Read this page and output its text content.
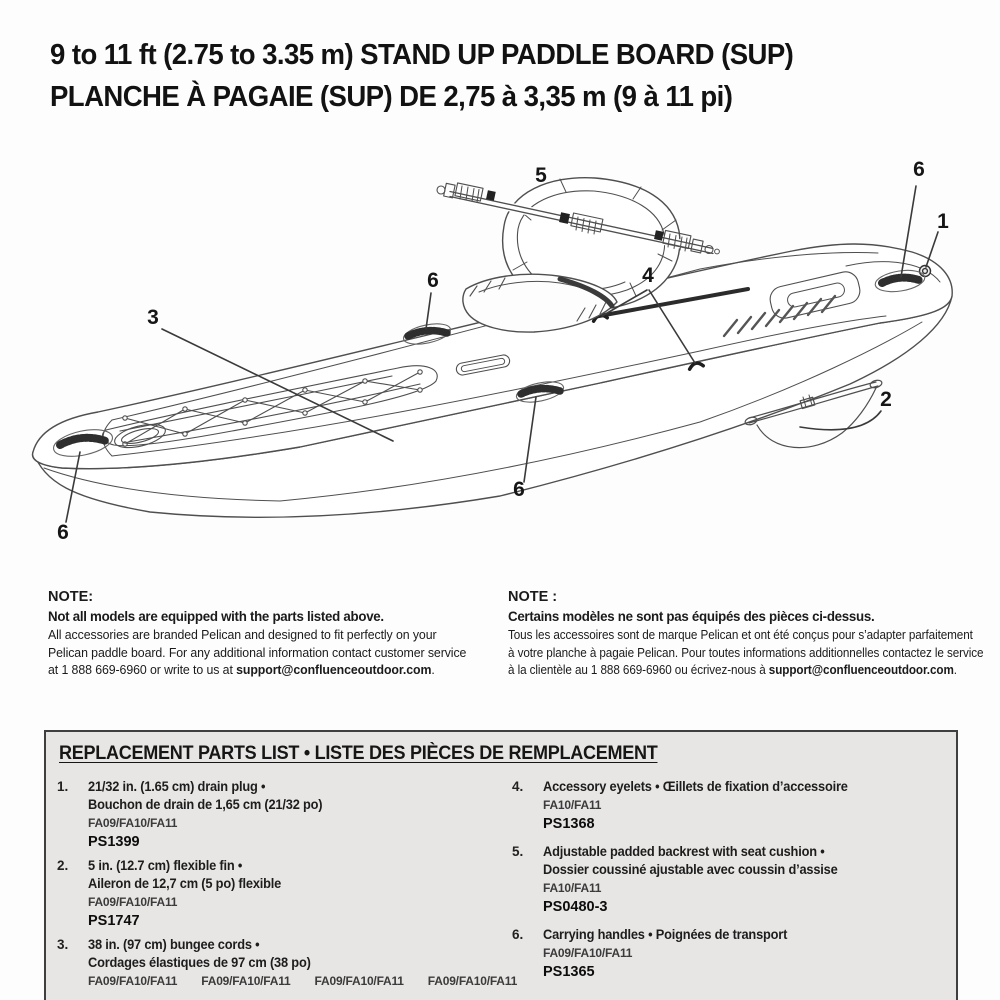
9 to 11 ft (2.75 to 3.35 m) STAND UP PADDLE BOARD (SUP)
PLANCHE À PAGAIE (SUP) DE 2,75 à 3,35 m (9 à 11 pi)
5	6
1
4
6
3
2
6
6
NOTE:
Not all models are equipped with the parts listed above.
All accessories are branded Pelican and designed to fit perfectly on your
Pelican paddle board. For any additional information contact customer service
at 1 888 669-6960 or write to us at support@confluenceoutdoor.com.
NOTE :
Certains modèles ne sont pas équipés des pièces ci-dessus.
Tous les accessoires sont de marque Pelican et ont été conçus pour s’adapter parfaitement
à votre planche à pagaie Pelican. Pour toutes informations additionnelles contactez le service
à la clientèle au 1 888 669-6960 ou écrivez-nous à support@confluenceoutdoor.com.
REPLACEMENT PARTS LIST • LISTE DES PIÈCES DE REMPLACEMENT
1.	21/32 in. (1.65 cm) drain plug •
Bouchon de drain de 1,65 cm (21/32 po)
FA09/FA10/FA11
PS1399
2.	5 in. (12.7 cm) flexible fin •
Aileron de 12,7 cm (5 po) flexible
FA09/FA10/FA11
PS1747
3.	38 in. (97 cm) bungee cords •
Cordages élastiques de 97 cm (38 po)
FA09/FA10/FA11 FA09/FA10/FA11 FA09/FA10/FA11 FA09/FA10/FA11
4.	Accessory eyelets • Œillets de fixation d’accessoire
FA10/FA11
PS1368
5.	Adjustable padded backrest with seat cushion •
Dossier coussiné ajustable avec coussin d’assise
FA10/FA11
PS0480-3
6.	Carrying handles • Poignées de transport
FA09/FA10/FA11
PS1365
